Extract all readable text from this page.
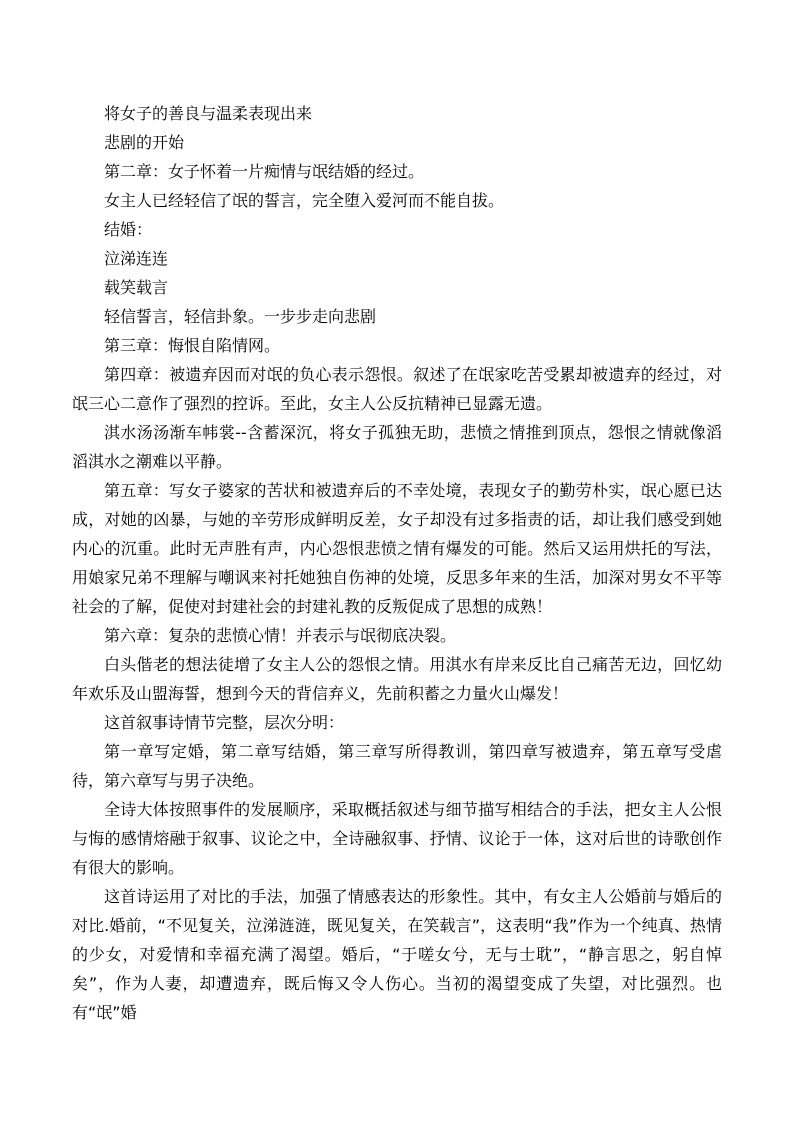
将女子的善良与温柔表现出来

悲剧的开始

第二章：女子怀着一片痴情与氓结婚的经过。

女主人已经轻信了氓的誓言，完全堕入爱河而不能自拔。

结婚：

泣涕连连

载笑载言

轻信誓言，轻信卦象。一步步走向悲剧

第三章：悔恨自陷情网。

第四章：被遗弃因而对氓的负心表示怨恨。叙述了在氓家吃苦受累却被遗弃的经过，对氓三心二意作了强烈的控诉。至此，女主人公反抗精神已显露无遗。

淇水汤汤渐车帏裳--含蓄深沉，将女子孤独无助，悲愤之情推到顶点，怨恨之情就像滔滔淇水之潮难以平静。

第五章：写女子婆家的苦状和被遗弃后的不幸处境，表现女子的勤劳朴实，氓心愿已达成，对她的凶暴，与她的辛劳形成鲜明反差，女子却没有过多指责的话，却让我们感受到她内心的沉重。此时无声胜有声，内心怨恨悲愤之情有爆发的可能。然后又运用烘托的写法，用娘家兄弟不理解与嘲讽来衬托她独自伤神的处境，反思多年来的生活，加深对男女不平等社会的了解，促使对封建社会的封建礼教的反叛促成了思想的成熟！

第六章：复杂的悲愤心情！并表示与氓彻底决裂。

白头偕老的想法徒增了女主人公的怨恨之情。用淇水有岸来反比自己痛苦无边，回忆幼年欢乐及山盟海誓，想到今天的背信弃义，先前积蓄之力量火山爆发！

这首叙事诗情节完整，层次分明：

第一章写定婚，第二章写结婚，第三章写所得教训，第四章写被遗弃，第五章写受虐待，第六章写与男子决绝。

全诗大体按照事件的发展顺序，采取概括叙述与细节描写相结合的手法，把女主人公恨与悔的感情熔融于叙事、议论之中，全诗融叙事、抒情、议论于一体，这对后世的诗歌创作有很大的影响。

这首诗运用了对比的手法，加强了情感表达的形象性。其中，有女主人公婚前与婚后的对比.婚前，“不见复关，泣涕涟涟，既见复关，在笑载言”，这表明“我”作为一个纯真、热情的少女，对爱情和幸福充满了渴望。婚后，“于嗟女兮，无与士耽”，“静言思之，躬自悼矣”，作为人妻，却遭遗弃，既后悔又令人伤心。当初的渴望变成了失望，对比强烈。也有“氓”婚
